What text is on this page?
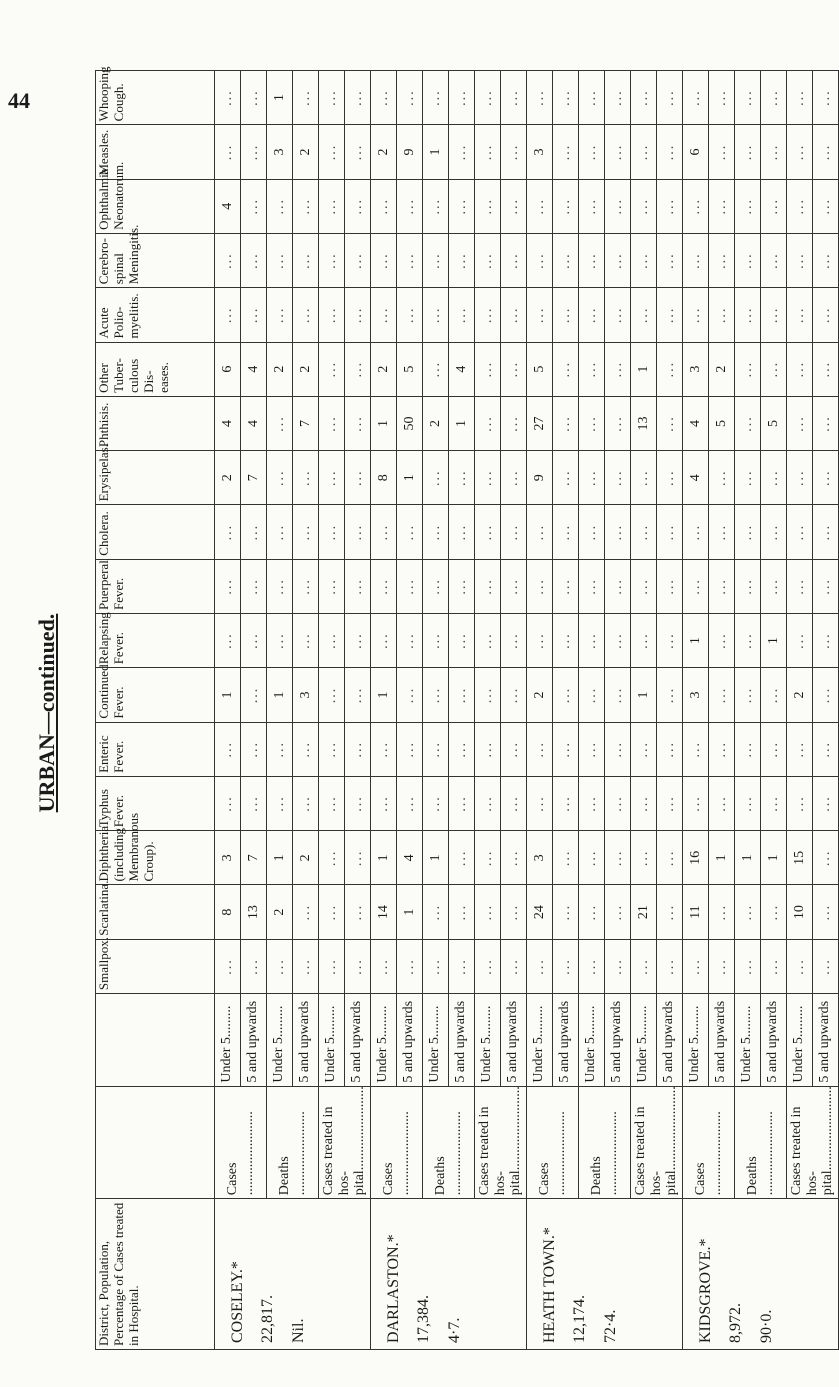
44
URBAN—continued.
District, Population, Percentage of Cases treated in Hospital.			Smallpox.	Scarlatina.	Diphtheria (including Membranous Croup).	Typhus Fever.	Enteric Fever.	Continued Fever.	Relapsing Fever.	Puerperal Fever.	Cholera.	Erysipelas.	Phthisis.	Other Tuber- culous Dis- eases.	Acute Polio- myelitis.	Cerebro-spinal Meningitis.	Ophthalmia Neonatorum.	Measles.	Whooping Cough.

COSELEY.* 22,817. Nil.	Cases ........................	Under 5.........	...	8	3	...	...	1	...	...	...	2	4	6	...	...	4	...	...
		5 and upwards	...	13	7	...	...	...	...	...	...	7	4	4	...	...	...	...	...
	Deaths ........................	Under 5.........	...	2	1	...	...	1	...	...	...	...	...	2	...	...	...	3	1
		5 and upwards	...	...	2	...	...	3	...	...	...	...	7	2	...	...	...	2	...
	Cases treated in hos- pital........................	Under 5.........	...	...	...	...	...	...	...	...	...	...	...	...	...	...	...	...	...
		5 and upwards	...	...	...	...	...	...	...	...	...	...	...	...	...	...	...	...	...

DARLASTON.* 17,384. 4·7.	Cases ........................	Under 5.........	...	14	1	...	...	1	...	...	...	8	1	2	...	...	...	2	...
		5 and upwards	...	1	4	...	...	...	...	...	...	1	50	5	...	...	...	9	...
	Deaths ........................	Under 5.........	...	...	1	...	...	...	...	...	...	...	2	...	...	...	...	1	...
		5 and upwards	...	...	...	...	...	...	...	...	...	...	1	4	...	...	...	...	...
	Cases treated in hos- pital........................	Under 5.........	...	...	...	...	...	...	...	...	...	...	...	...	...	...	...	...	...
		5 and upwards	...	...	...	...	...	...	...	...	...	...	...	...	...	...	...	...	...

HEATH TOWN.* 12,174. 72·4.	Cases ........................	Under 5.........	...	24	3	...	...	2	...	...	...	9	27	5	...	...	...	3	...
		5 and upwards	...	...	...	...	...	...	...	...	...	...	...	...	...	...	...	...	...
	Deaths ........................	Under 5.........	...	...	...	...	...	...	...	...	...	...	...	...	...	...	...	...	...
		5 and upwards	...	...	...	...	...	...	...	...	...	...	...	...	...	...	...	...	...
	Cases treated in hos- pital........................	Under 5.........	...	21	...	...	...	1	...	...	...	...	13	1	...	...	...	...	...
		5 and upwards	...	...	...	...	...	...	...	...	...	...	...	...	...	...	...	...	...

KIDSGROVE.* 8,972. 90·0.	Cases ........................	Under 5.........	...	11	16	...	...	3	1	...	...	4	4	3	...	...	...	6	...
		5 and upwards	...	...	1	...	...	...	...	...	...	...	5	2	...	...	...	...	...
	Deaths ........................	Under 5.........	...	...	1	...	...	...	...	...	...	...	...	...	...	...	...	...	...
		5 and upwards	...	...	1	...	...	...	1	...	...	...	5	...	...	...	...	...	...
	Cases treated in hos- pital........................	Under 5.........	...	10	15	...	...	2	...	...	...	...	...	...	...	...	...	...	...
		5 and upwards	...	...	...	...	...	...	...	...	...	...	...	...	...	...	...	...	...
